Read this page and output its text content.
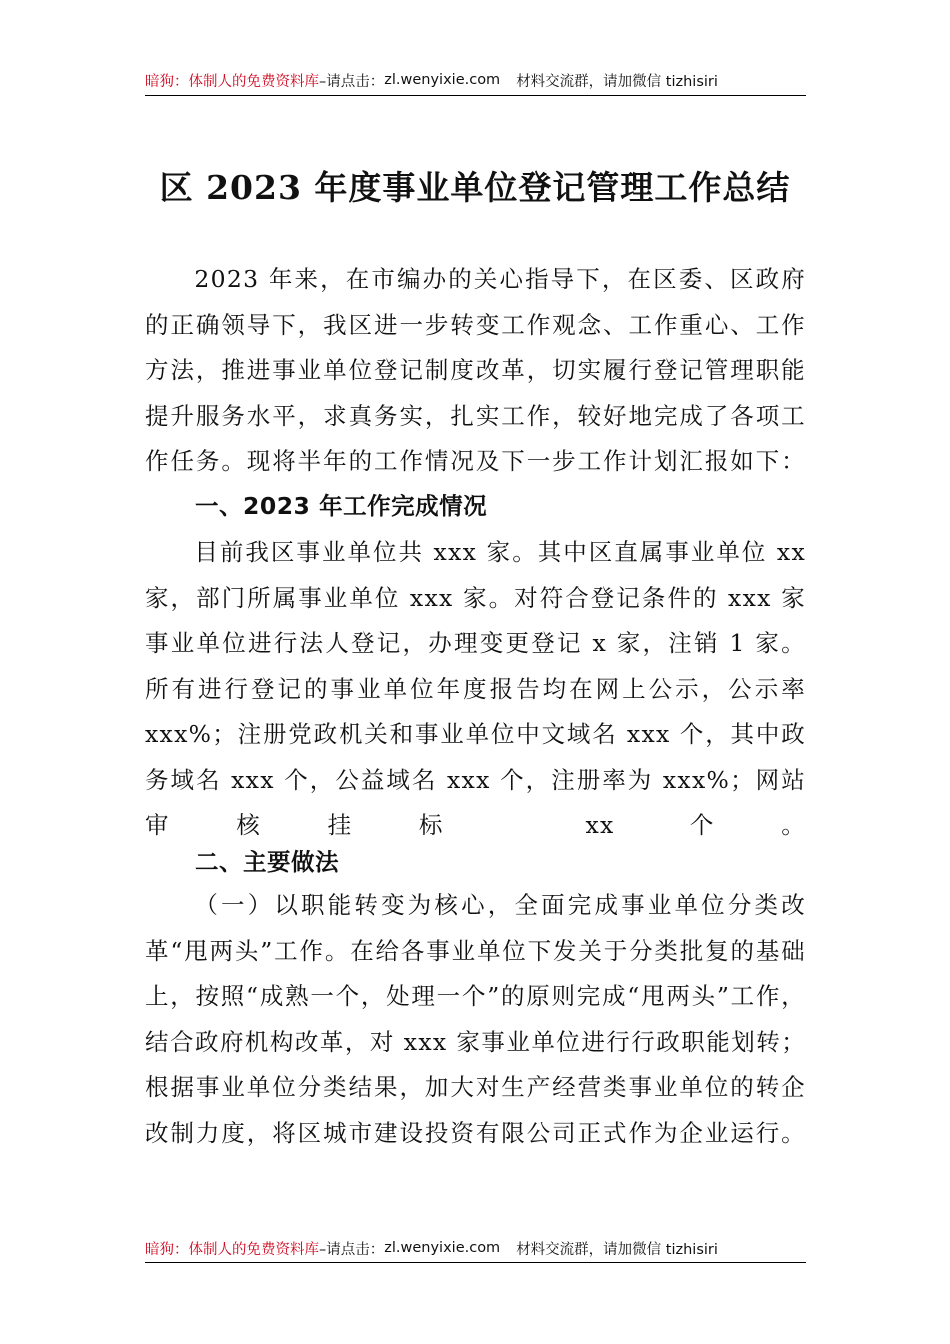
暗狗：体制人的免费资料库 –请点击： zl.wenyixie.com 材料交流群，请加微信 tizhisiri
区 2023 年度事业单位登记管理工作总结
2023 年来，在市编办的关心指导下，在区委、区政府的正确领导下，我区进一步转变工作观念、工作重心、工作方法，推进事业单位登记制度改革，切实履行登记管理职能提升服务水平，求真务实，扎实工作，较好地完成了各项工作任务。现将半年的工作情况及下一步工作计划汇报如下：
一、2023 年工作完成情况
目前我区事业单位共 xxx 家。其中区直属事业单位 xx 家，部门所属事业单位 xxx 家。对符合登记条件的 xxx 家事业单位进行法人登记，办理变更登记 x 家，注销 1 家。所有进行登记的事业单位年度报告均在网上公示，公示率 xxx%；注册党政机关和事业单位中文域名 xxx 个，其中政务域名 xxx 个，公益域名 xxx 个，注册率为 xxx%；网站审核挂标 xx 个。
二、主要做法
（一）以职能转变为核心，全面完成事业单位分类改革“甩两头”工作。在给各事业单位下发关于分类批复的基础上，按照“成熟一个，处理一个”的原则完成“甩两头”工作，结合政府机构改革，对 xxx 家事业单位进行行政职能划转；根据事业单位分类结果，加大对生产经营类事业单位的转企改制力度，将区城市建设投资有限公司正式作为企业运行。
暗狗：体制人的免费资料库 –请点击： zl.wenyixie.com 材料交流群，请加微信 tizhisiri
